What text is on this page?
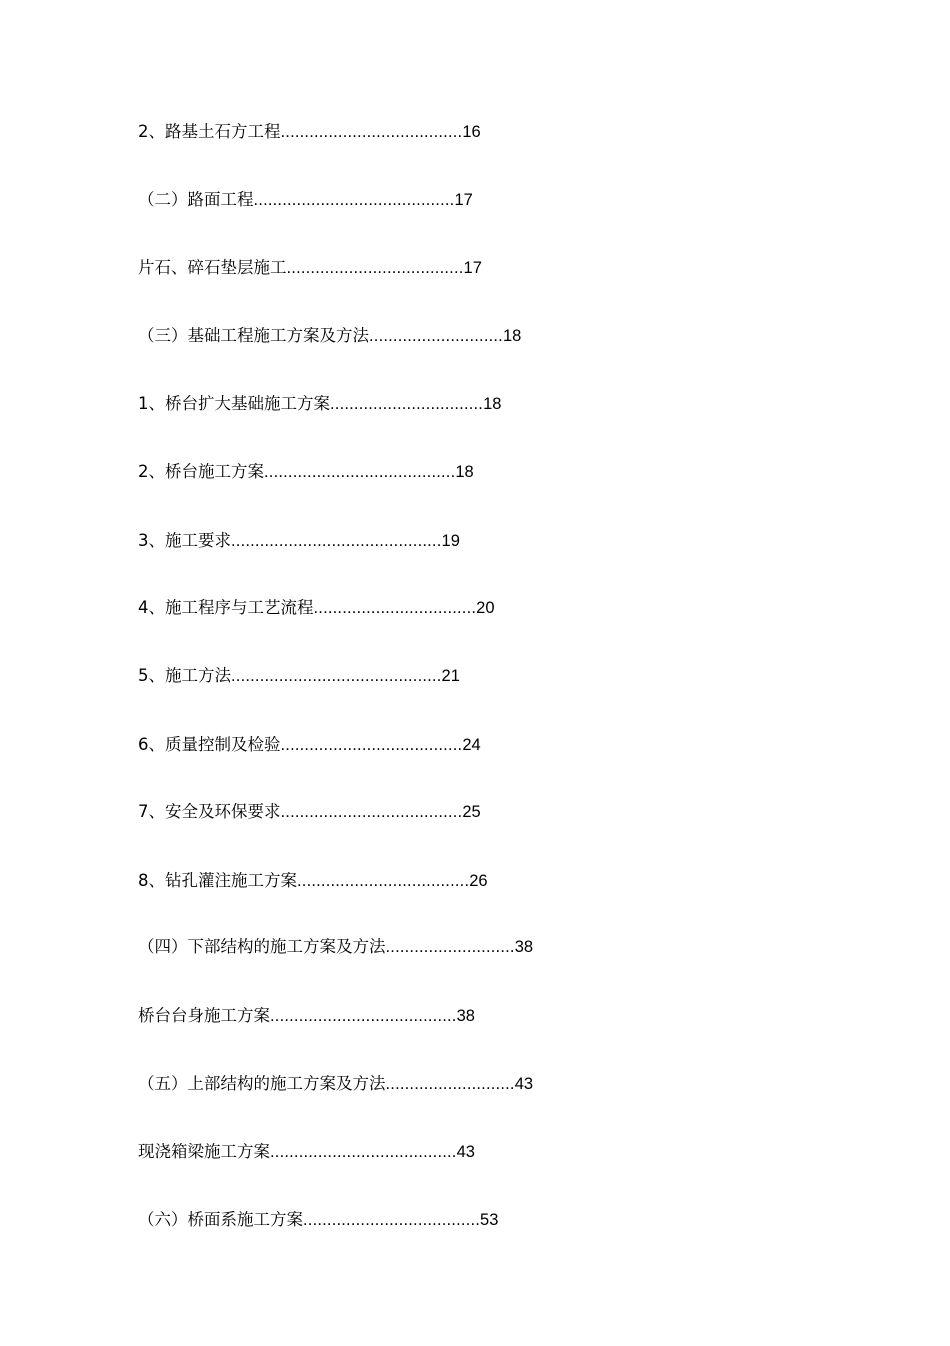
2、路基土石方工程......................................16
（二）路面工程..........................................17
片石、碎石垫层施工.....................................17
（三）基础工程施工方案及方法............................18
1、桥台扩大基础施工方案................................18
2、桥台施工方案........................................18
3、施工要求............................................19
4、施工程序与工艺流程..................................20
5、施工方法............................................21
6、质量控制及检验......................................24
7、安全及环保要求......................................25
8、钻孔灌注施工方案....................................26
（四）下部结构的施工方案及方法...........................38
桥台台身施工方案.......................................38
（五）上部结构的施工方案及方法...........................43
现浇箱梁施工方案.......................................43
（六）桥面系施工方案.....................................53
